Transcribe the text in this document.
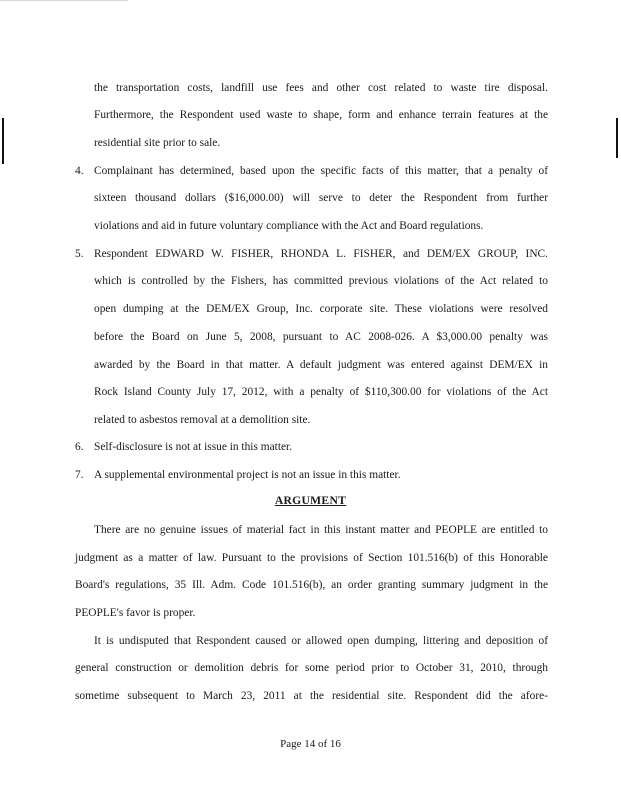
the transportation costs, landfill use fees and other cost related to waste tire disposal.
Furthermore, the Respondent used waste to shape, form and enhance terrain features at the
residential site prior to sale.
4. Complainant has determined, based upon the specific facts of this matter, that a penalty of
sixteen thousand dollars ($16,000.00) will serve to deter the Respondent from further
violations and aid in future voluntary compliance with the Act and Board regulations.
5. Respondent EDWARD W. FISHER, RHONDA L. FISHER, and DEM/EX GROUP, INC.
which is controlled by the Fishers, has committed previous violations of the Act related to
open dumping at the DEM/EX Group, Inc. corporate site. These violations were resolved
before the Board on June 5, 2008, pursuant to AC 2008-026. A $3,000.00 penalty was
awarded by the Board in that matter. A default judgment was entered against DEM/EX in
Rock Island County July 17, 2012, with a penalty of $110,300.00 for violations of the Act
related to asbestos removal at a demolition site.
6. Self-disclosure is not at issue in this matter.
7. A supplemental environmental project is not an issue in this matter.
ARGUMENT
There are no genuine issues of material fact in this instant matter and PEOPLE are entitled to
judgment as a matter of law. Pursuant to the provisions of Section 101.516(b) of this Honorable
Board's regulations, 35 Ill. Adm. Code 101.516(b), an order granting summary judgment in the
PEOPLE's favor is proper.
It is undisputed that Respondent caused or allowed open dumping, littering and deposition of
general construction or demolition debris for some period prior to October 31, 2010, through
sometime subsequent to March 23, 2011 at the residential site. Respondent did the afore-
Page 14 of 16
